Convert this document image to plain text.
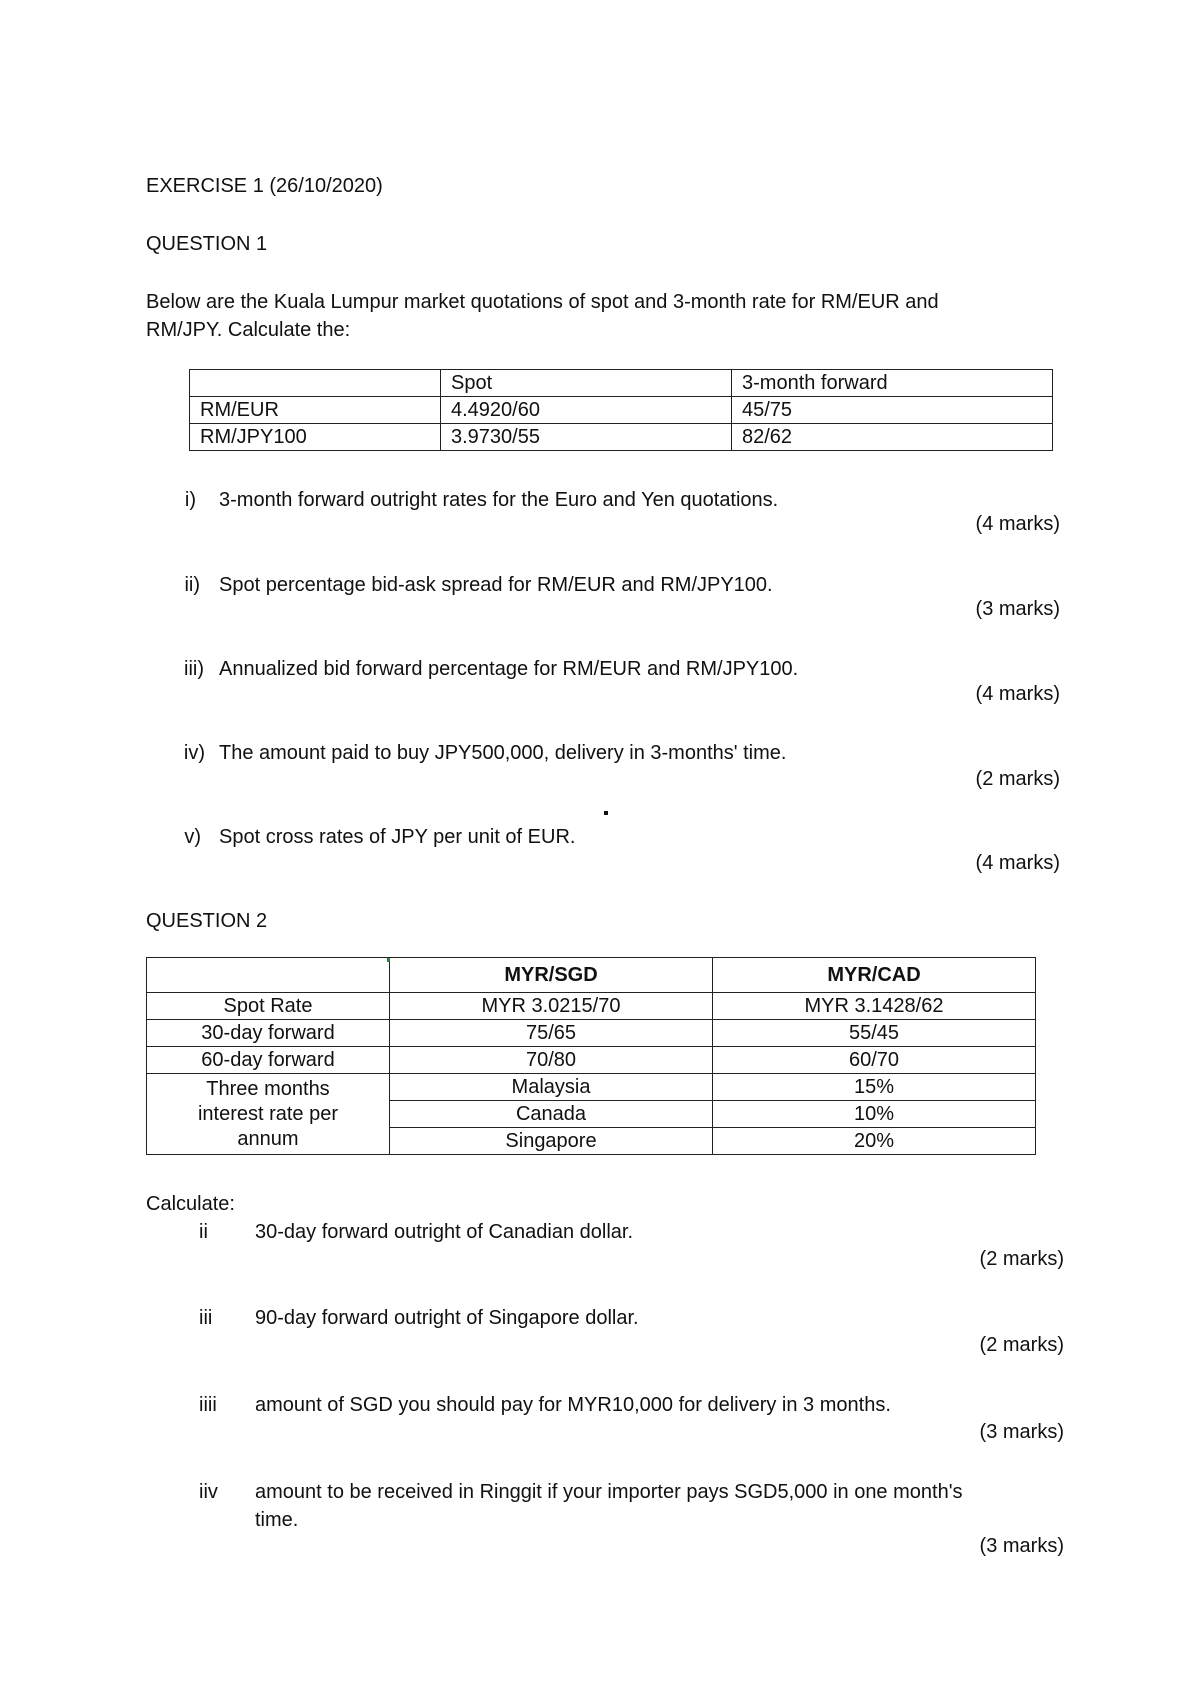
EXERCISE 1 (26/10/2020)
QUESTION 1
Below are the Kuala Lumpur market quotations of spot and 3-month rate for RM/EUR and
RM/JPY. Calculate the:
	Spot	3-month forward
RM/EUR	4.4920/60	45/75
RM/JPY100	3.9730/55	82/62
i) 3-month forward outright rates for the Euro and Yen quotations.
(4 marks)
ii) Spot percentage bid-ask spread for RM/EUR and RM/JPY100.
(3 marks)
iii) Annualized bid forward percentage for RM/EUR and RM/JPY100.
(4 marks)
iv) The amount paid to buy JPY500,000, delivery in 3-months' time.
(2 marks)
v) Spot cross rates of JPY per unit of EUR.
(4 marks)
QUESTION 2
	MYR/SGD	MYR/CAD
Spot Rate	MYR 3.0215/70	MYR 3.1428/62
30-day forward	75/65	55/45
60-day forward	70/80	60/70

Three months
interest rate per
annum	Malaysia	15%
	Canada	10%
	Singapore	20%
Calculate:
ii 30-day forward outright of Canadian dollar.
(2 marks)
iii 90-day forward outright of Singapore dollar.
(2 marks)
iiii amount of SGD you should pay for MYR10,000 for delivery in 3 months.
(3 marks)
iiv amount to be received in Ringgit if your importer pays SGD5,000 in one month's
time.
(3 marks)
